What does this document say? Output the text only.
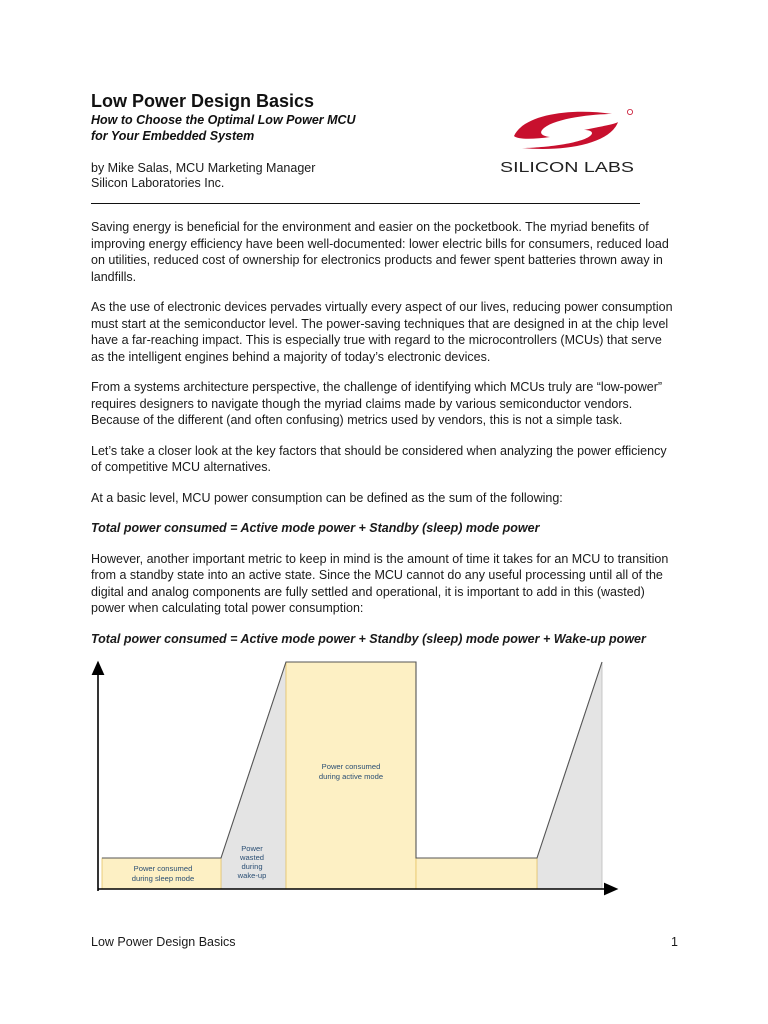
Low Power Design Basics
How to Choose the Optimal Low Power MCU
for Your Embedded System
by Mike Salas, MCU Marketing Manager
Silicon Laboratories Inc.
SILICON LABS

Saving energy is beneficial for the environment and easier on the pocketbook. The myriad benefits of improving energy efficiency have been well-documented: lower electric bills for consumers, reduced load on utilities, reduced cost of ownership for electronics products and fewer spent batteries thrown away in landfills.

As the use of electronic devices pervades virtually every aspect of our lives, reducing power consumption must start at the semiconductor level. The power-saving techniques that are designed in at the chip level have a far-reaching impact. This is especially true with regard to the microcontrollers (MCUs) that serve as the intelligent engines behind a majority of today’s electronic devices.

From a systems architecture perspective, the challenge of identifying which MCUs truly are “low-power” requires designers to navigate though the myriad claims made by various semiconductor vendors. Because of the different (and often confusing) metrics used by vendors, this is not a simple task.

Let’s take a closer look at the key factors that should be considered when analyzing the power efficiency of competitive MCU alternatives.

At a basic level, MCU power consumption can be defined as the sum of the following:

Total power consumed = Active mode power + Standby (sleep) mode power

However, another important metric to keep in mind is the amount of time it takes for an MCU to transition from a standby state into an active state. Since the MCU cannot do any useful processing until all of the digital and analog components are fully settled and operational, it is important to add in this (wasted) power when calculating total power consumption:

Total power consumed = Active mode power + Standby (sleep) mode power + Wake-up power

Power consumed
during sleep mode
Power
wasted
during
wake-up
Power consumed
during active mode
Low Power Design Basics	1
